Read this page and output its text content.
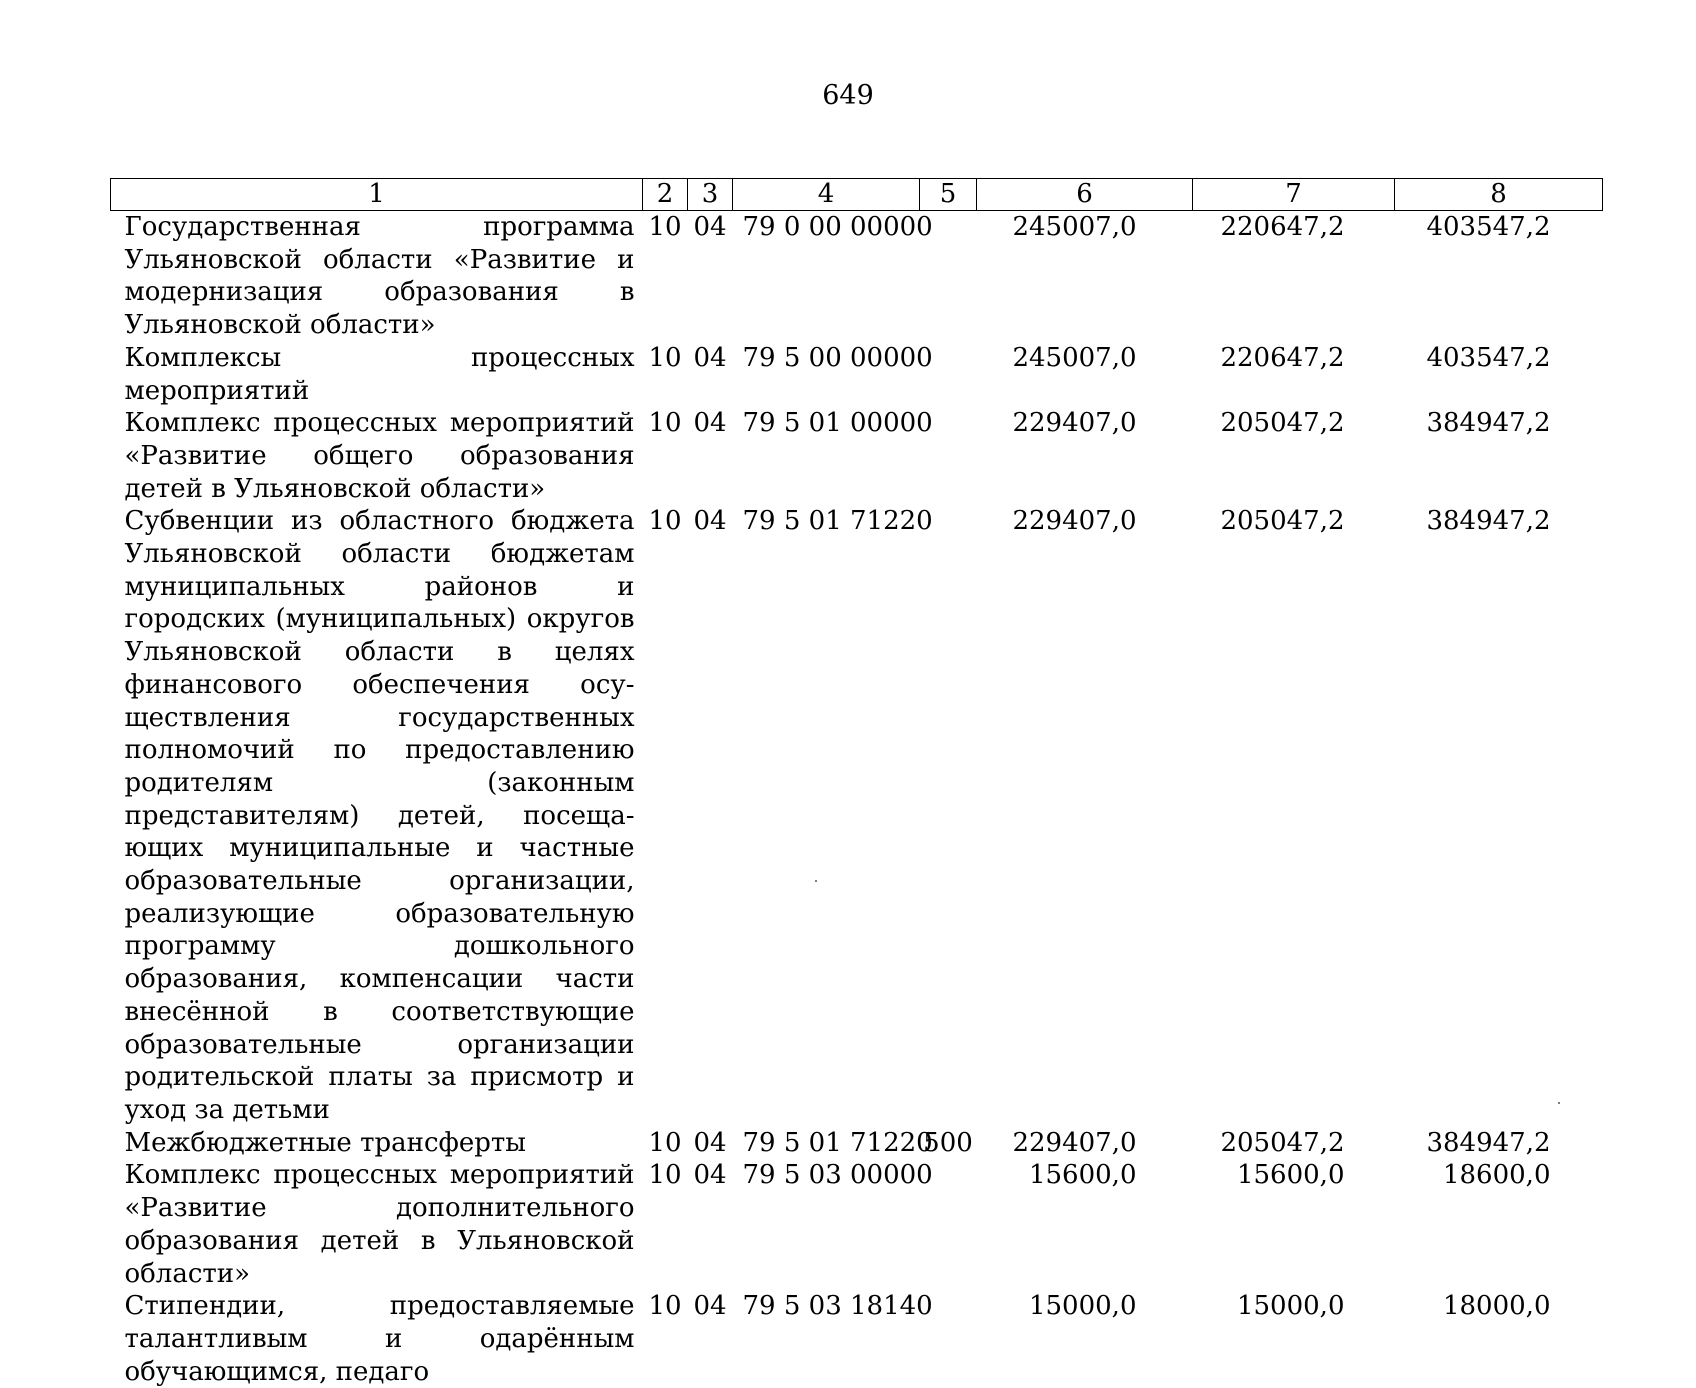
649
1	2	3	4	5	6	7	8
Государственная программа Ульяновской области «Развитие и модернизация образования в Ульяновской области»	10	04	79 0 00 00000		245007,0	220647,2	403547,2
Комплексы процессных мероприятий	10	04	79 5 00 00000		245007,0	220647,2	403547,2
Комплекс процессных мероприятий «Развитие общего образования детей в Ульяновской области»	10	04	79 5 01 00000		229407,0	205047,2	384947,2
Субвенции из областного бюджета Ульяновской области бюджетам муниципальных районов и городских (муниципальных) округов Ульяновской области в целях финансового обеспечения осуществления государственных полномочий по предоставлению родителям (законным представителям) детей, посещающих муниципальные и частные образовательные организации, реализующие образовательную программу дошкольного образования, компенсации части внесённой в соответствующие образовательные организации родительской платы за присмотр и уход за детьми	10	04	79 5 01 71220		229407,0	205047,2	384947,2
Межбюджетные трансферты	10	04	79 5 01 71220	500	229407,0	205047,2	384947,2
Комплекс процессных мероприятий «Развитие дополнительного образования детей в Ульяновской области»	10	04	79 5 03 00000		15600,0	15600,0	18600,0
Стипендии, предоставляемые талантливым и одарённым обучающимся, педаго	10	04	79 5 03 18140		15000,0	15000,0	18000,0
